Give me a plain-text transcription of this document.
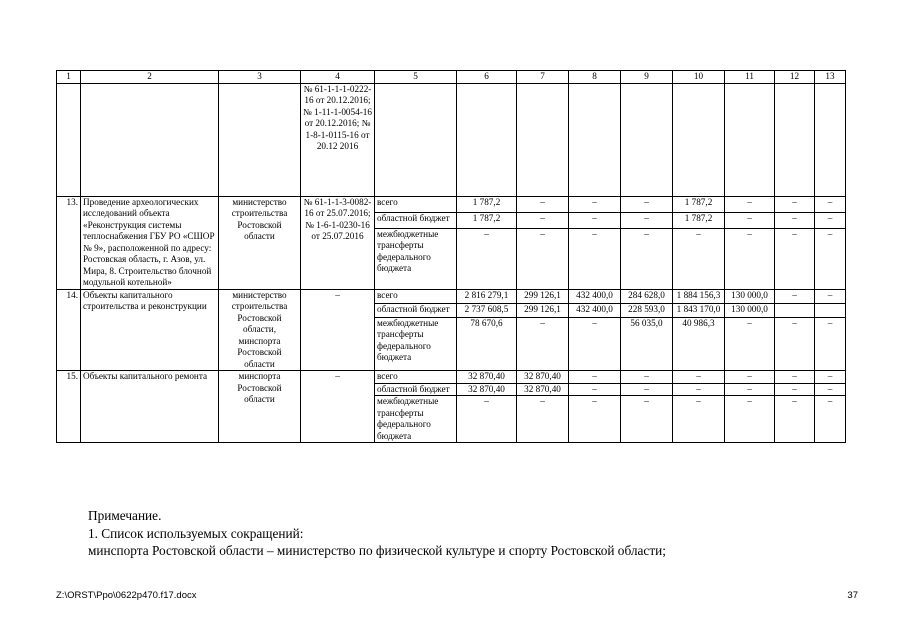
1	2	3	4	5	6	7	8	9	10	11	12	13
			№ 61-1-1-1-0222-16 от 20.12.2016; № 1-11-1-0054-16 от 20.12.2016; № 1-8-1-0115-16 от 20.12 2016									
13.	Проведение археологических исследований объекта «Реконструкция системы теплоснабжения ГБУ РО «СШОР № 9», расположенной по адресу: Ростовская область, г. Азов, ул. Мира, 8. Строительство блочной модульной котельной»	министерство строительства Ростовской области	№ 61-1-1-3-0082-16 от 25.07.2016; № 1-6-1-0230-16 от 25.07.2016	всего	1 787,2	–	–	–	1 787,2	–	–	–
				областной бюджет	1 787,2	–	–	–	1 787,2	–	–	–
				межбюджетные трансферты федерального бюджета	–	–	–	–	–	–	–	–
14.	Объекты капитального строительства и реконструкции	министерство строительства Ростовской области, минспорта Ростовской области	–	всего	2 816 279,1	299 126,1	432 400,0	284 628,0	1 884 156,3	130 000,0	–	–
				областной бюджет	2 737 608,5	299 126,1	432 400,0	228 593,0	1 843 170,0	130 000,0		
				межбюджетные трансферты федерального бюджета	78 670,6	–	–	56 035,0	40 986,3	–	–	–
15.	Объекты капитального ремонта	минспорта Ростовской области	–	всего	32 870,40	32 870,40	–	–	–	–	–	–
				областной бюджет	32 870,40	32 870,40	–	–	–	–	–	–
				межбюджетные трансферты федерального бюджета	–	–	–	–	–	–	–	–
Примечание.
1. Список используемых сокращений:
минспорта Ростовской области – министерство по физической культуре и спорту Ростовской области;
Z:\ORST\Ppo\0622p470.f17.docx	37
